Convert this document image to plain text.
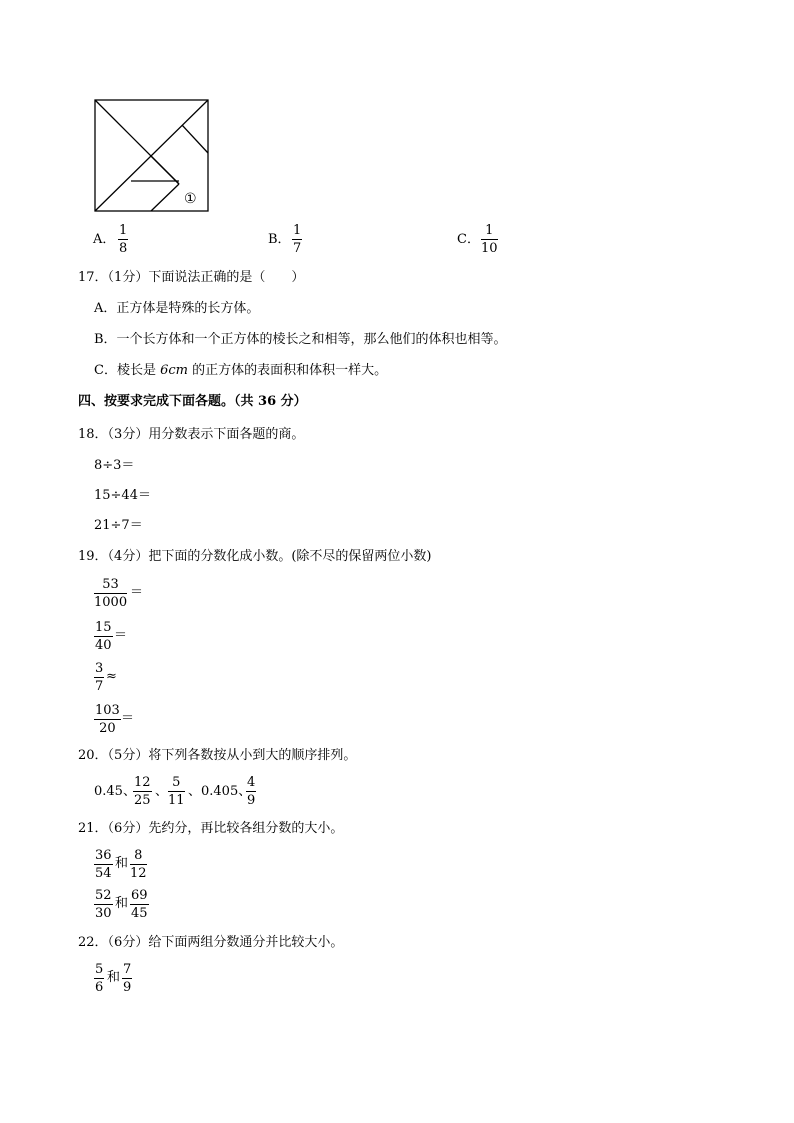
①
A． $\frac{1}{8}$	B． $\frac{1}{7}$	C． $\frac{1}{10}$
17．（1分）下面说法正确的是（　　）
A．正方体是特殊的长方体。
B．一个长方体和一个正方体的棱长之和相等，那么他们的体积也相等。
C．棱长是 6cm 的正方体的表面积和体积一样大。
四、按要求完成下面各题。（共 36 分）
18．（3分）用分数表示下面各题的商。
8÷3＝
15÷44＝
21÷7＝
19．（4分）把下面的分数化成小数。(除不尽的保留两位小数)
$\frac{53}{1000}$ ＝
$\frac{15}{40}$ ＝
$\frac{3}{7}$ ≈
$\frac{103}{20}$ ＝
20．（5分）将下列各数按从小到大的顺序排列。
0.45、
$\frac{12}{25}$ 、 $\frac{5}{11}$ 、0.405、
$\frac{4}{9}$
21．（6分）先约分，再比较各组分数的大小。
$\frac{36}{54}$ 和 $\frac{8}{12}$
$\frac{52}{30}$ 和 $\frac{69}{45}$
22．（6分）给下面两组分数通分并比较大小。
$\frac{5}{6}$ 和 $\frac{7}{9}$
